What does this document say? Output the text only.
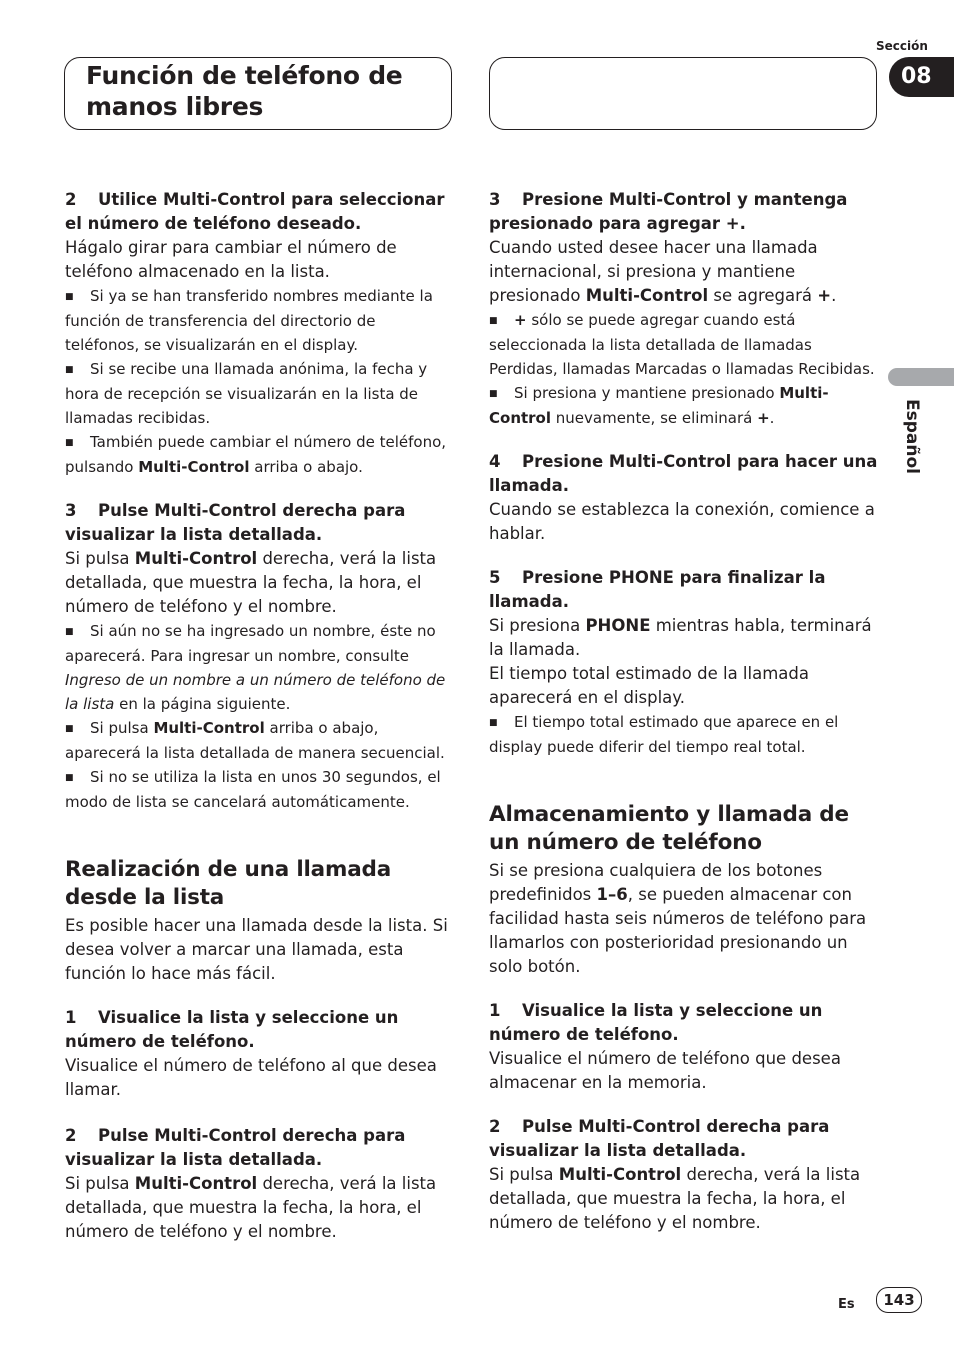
Función de teléfono de
manos libres
Sección
08
Español

2 Utilice Multi-Control para seleccionar el número de teléfono deseado.

Hágalo girar para cambiar el número de teléfono almacenado en la lista.

■ Si ya se han transferido nombres mediante la función de transferencia del directorio de teléfonos, se visualizarán en el display.

■ Si se recibe una llamada anónima, la fecha y hora de recepción se visualizarán en la lista de llamadas recibidas.

■ También puede cambiar el número de teléfono, pulsando Multi-Control arriba o abajo.

3 Pulse Multi-Control derecha para visualizar la lista detallada.

Si pulsa Multi-Control derecha, verá la lista detallada, que muestra la fecha, la hora, el número de teléfono y el nombre.

■ Si aún no se ha ingresado un nombre, éste no aparecerá. Para ingresar un nombre, consulte Ingreso de un nombre a un número de teléfono de la lista en la página siguiente.

■ Si pulsa Multi-Control arriba o abajo, aparecerá la lista detallada de manera secuencial.

■ Si no se utiliza la lista en unos 30 segundos, el modo de lista se cancelará automáticamente.

Realización de una llamada desde la lista

Es posible hacer una llamada desde la lista. Si desea volver a marcar una llamada, esta función lo hace más fácil.

1 Visualice la lista y seleccione un número de teléfono.

Visualice el número de teléfono al que desea llamar.

2 Pulse Multi-Control derecha para visualizar la lista detallada.

Si pulsa Multi-Control derecha, verá la lista detallada, que muestra la fecha, la hora, el número de teléfono y el nombre.

3 Presione Multi-Control y mantenga presionado para agregar +.

Cuando usted desee hacer una llamada internacional, si presiona y mantiene presionado Multi-Control se agregará +.

■ + sólo se puede agregar cuando está seleccionada la lista detallada de llamadas Perdidas, llamadas Marcadas o llamadas Recibidas.

■ Si presiona y mantiene presionado Multi-Control nuevamente, se eliminará +.

4 Presione Multi-Control para hacer una llamada.

Cuando se establezca la conexión, comience a hablar.

5 Presione PHONE para finalizar la llamada.

Si presiona PHONE mientras habla, terminará la llamada.

El tiempo total estimado de la llamada aparecerá en el display.

■ El tiempo total estimado que aparece en el display puede diferir del tiempo real total.

Almacenamiento y llamada de un número de teléfono

Si se presiona cualquiera de los botones predefinidos 1–6, se pueden almacenar con facilidad hasta seis números de teléfono para llamarlos con posterioridad presionando un solo botón.

1 Visualice la lista y seleccione un número de teléfono.

Visualice el número de teléfono que desea almacenar en la memoria.

2 Pulse Multi-Control derecha para visualizar la lista detallada.

Si pulsa Multi-Control derecha, verá la lista detallada, que muestra la fecha, la hora, el número de teléfono y el nombre.

Es	143
